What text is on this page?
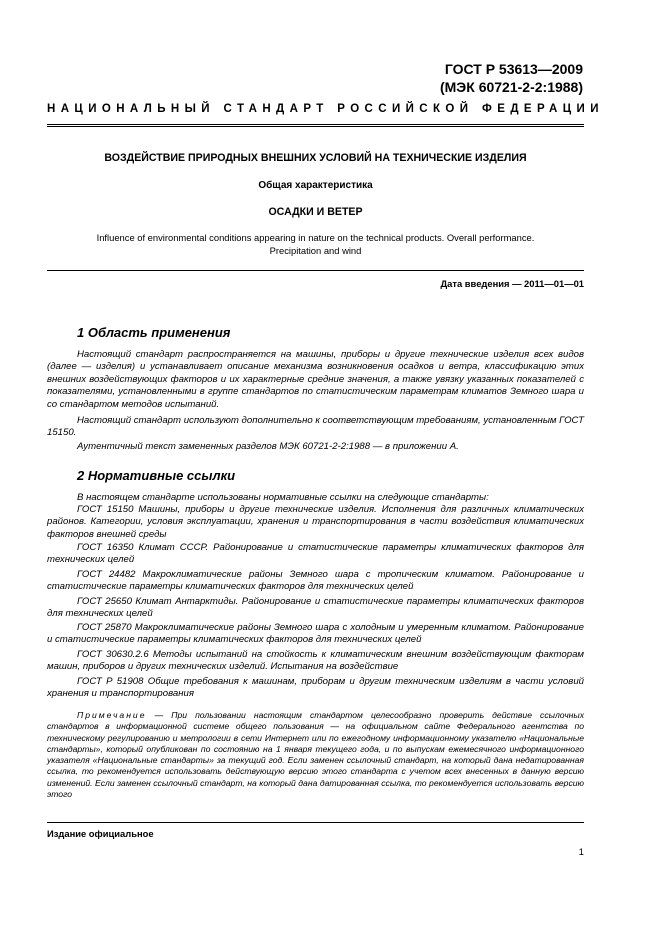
ГОСТ Р 53613—2009
(МЭК 60721-2-2:1988)
НАЦИОНАЛЬНЫЙ СТАНДАРТ РОССИЙСКОЙ ФЕДЕРАЦИИ
ВОЗДЕЙСТВИЕ ПРИРОДНЫХ ВНЕШНИХ УСЛОВИЙ НА ТЕХНИЧЕСКИЕ ИЗДЕЛИЯ
Общая характеристика
ОСАДКИ И ВЕТЕР
Influence of environmental conditions appearing in nature on the technical products. Overall performance.
Precipitation and wind
Дата введения — 2011—01—01
1 Область применения
Настоящий стандарт распространяется на машины, приборы и другие технические изделия всех видов (далее — изделия) и устанавливает описание механизма возникновения осадков и ветра, классификацию этих внешних воздействующих факторов и их характерные средние значения, а также увязку указанных показателей с показателями, установленными в группе стандартов по статистическим параметрам климатов Земного шара и со стандартом методов испытаний.
Настоящий стандарт используют дополнительно к соответствующим требованиям, установленным ГОСТ 15150.
Аутентичный текст замененных разделов МЭК 60721-2-2:1988 — в приложении А.
2 Нормативные ссылки
В настоящем стандарте использованы нормативные ссылки на следующие стандарты:
ГОСТ 15150 Машины, приборы и другие технические изделия. Исполнения для различных климатических районов. Категории, условия эксплуатации, хранения и транспортирования в части воздействия климатических факторов внешней среды
ГОСТ 16350 Климат СССР. Районирование и статистические параметры климатических факторов для технических целей
ГОСТ 24482 Макроклиматические районы Земного шара с тропическим климатом. Районирование и статистические параметры климатических факторов для технических целей
ГОСТ 25650 Климат Антарктиды. Районирование и статистические параметры климатических факторов для технических целей
ГОСТ 25870 Макроклиматические районы Земного шара с холодным и умеренным климатом. Районирование и статистические параметры климатических факторов для технических целей
ГОСТ 30630.2.6 Методы испытаний на стойкость к климатическим внешним воздействующим факторам машин, приборов и других технических изделий. Испытания на воздействие
ГОСТ Р 51908 Общие требования к машинам, приборам и другим техническим изделиям в части условий хранения и транспортирования
Примечание — При пользовании настоящим стандартом целесообразно проверить действие ссылочных стандартов в информационной системе общего пользования — на официальном сайте Федерального агентства по техническому регулированию и метрологии в сети Интернет или по ежегодному информационному указателю «Национальные стандарты», который опубликован по состоянию на 1 января текущего года, и по выпускам ежемесячного информационного указателя «Национальные стандарты» за текущий год. Если заменен ссылочный стандарт, на который дана недатированная ссылка, то рекомендуется использовать действующую версию этого стандарта с учетом всех внесенных в данную версию изменений. Если заменен ссылочный стандарт, на который дана датированная ссылка, то рекомендуется использовать версию этого
Издание официальное
1
